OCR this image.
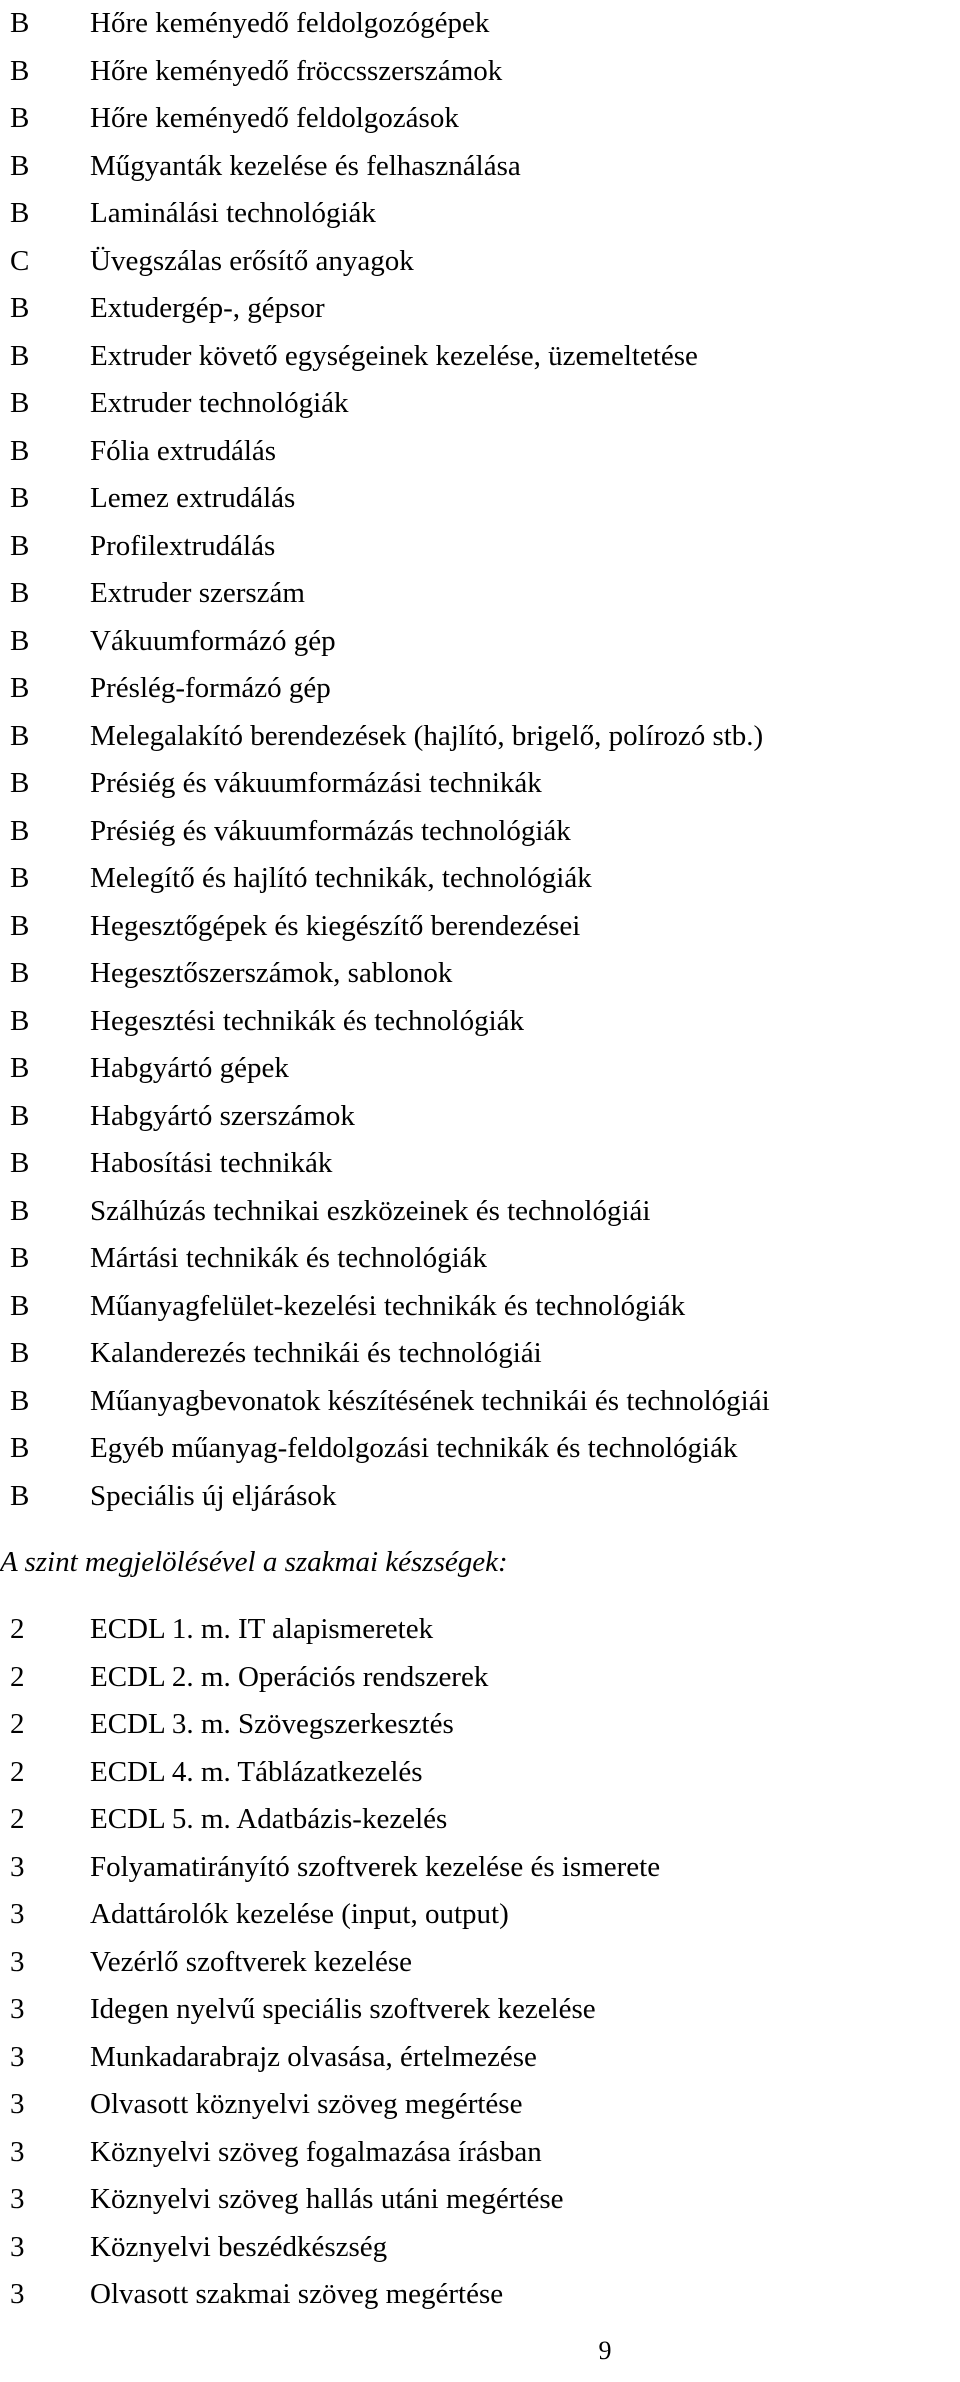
B	Hőre keményedő feldolgozógépek
B	Hőre keményedő fröccsszerszámok
B	Hőre keményedő feldolgozások
B	Műgyanták kezelése és felhasználása
B	Laminálási technológiák
C	Üvegszálas erősítő anyagok
B	Extudergép-, gépsor
B	Extruder követő egységeinek kezelése, üzemeltetése
B	Extruder technológiák
B	Fólia extrudálás
B	Lemez extrudálás
B	Profilextrudálás
B	Extruder szerszám
B	Vákuumformázó gép
B	Préslég-formázó gép
B	Melegalakító berendezések (hajlító, brigelő, polírozó stb.)
B	Présiég és vákuumformázási technikák
B	Présiég és vákuumformázás technológiák
B	Melegítő és hajlító technikák, technológiák
B	Hegesztőgépek és kiegészítő berendezései
B	Hegesztőszerszámok, sablonok
B	Hegesztési technikák és technológiák
B	Habgyártó gépek
B	Habgyártó szerszámok
B	Habosítási technikák
B	Szálhúzás technikai eszközeinek és technológiái
B	Mártási technikák és technológiák
B	Műanyagfelület-kezelési technikák és technológiák
B	Kalanderezés technikái és technológiái
B	Műanyagbevonatok készítésének technikái és technológiái
B	Egyéb műanyag-feldolgozási technikák és technológiák
B	Speciális új eljárások
A szint megjelölésével a szakmai készségek:
2	ECDL 1. m. IT alapismeretek
2	ECDL 2. m. Operációs rendszerek
2	ECDL 3. m. Szövegszerkesztés
2	ECDL 4. m. Táblázatkezelés
2	ECDL 5. m. Adatbázis-kezelés
3	Folyamatirányító szoftverek kezelése és ismerete
3	Adattárolók kezelése (input, output)
3	Vezérlő szoftverek kezelése
3	Idegen nyelvű speciális szoftverek kezelése
3	Munkadarabrajz olvasása, értelmezése
3	Olvasott köznyelvi szöveg megértése
3	Köznyelvi szöveg fogalmazása írásban
3	Köznyelvi szöveg hallás utáni megértése
3	Köznyelvi beszédkészség
3	Olvasott szakmai szöveg megértése
9
